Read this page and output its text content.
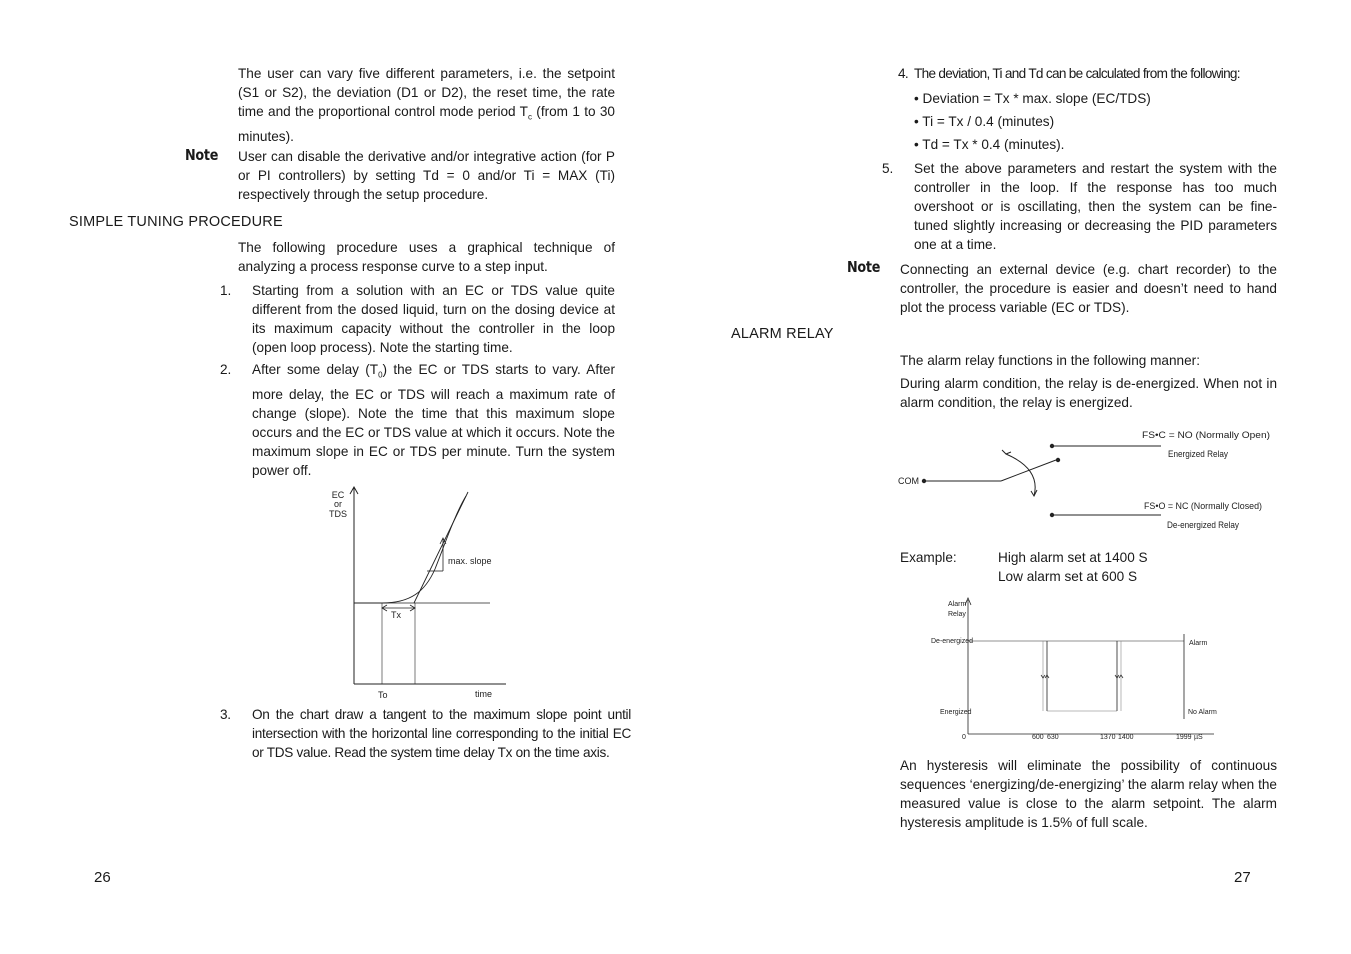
The user can vary five different parameters, i.e. the setpoint (S1 or S2), the deviation (D1 or D2), the reset time, the rate time and the proportional control mode period $T_c$ (from 1 to 30 minutes).
Note User can disable the derivative and/or integrative action (for P or PI controllers) by setting Td = 0 and/or Ti = MAX (Ti) respectively through the setup procedure.
SIMPLE TUNING PROCEDURE
The following procedure uses a graphical technique of analyzing a process response curve to a step input.
1. Starting from a solution with an EC or TDS value quite different from the dosed liquid, turn on the dosing device at its maximum capacity without the controller in the loop (open loop process). Note the starting time.
2. After some delay $(T_0)$ the EC or TDS starts to vary. After more delay, the EC or TDS will reach a maximum rate of change (slope). Note the time that this maximum slope occurs and the EC or TDS value at which it occurs. Note the maximum slope in EC or TDS per minute. Turn the system power off.
EC
or
TDS
max. slope
Tx
To	time
3. On the chart draw a tangent to the maximum slope point until intersection with the horizontal line corresponding to the initial EC or TDS value. Read the system time delay Tx on the time axis.
26
4. The deviation, Ti and Td can be calculated from the following:
• Deviation = Tx * max. slope (EC/TDS)
• Ti = Tx / 0.4 (minutes)
• Td = Tx * 0.4 (minutes).
5. Set the above parameters and restart the system with the controller in the loop. If the response has too much overshoot or is oscillating, then the system can be fine-tuned slightly increasing or decreasing the PID parameters one at a time.
Note Connecting an external device (e.g. chart recorder) to the controller, the procedure is easier and doesn’t need to hand plot the process variable (EC or TDS).
ALARM RELAY
The alarm relay functions in the following manner:
During alarm condition, the relay is de-energized. When not in alarm condition, the relay is energized.
COM
FS•C = NO (Normally Open)
Energized Relay
FS•O = NC (Normally Closed)
De-energized Relay
Example:	High alarm set at 1400 S
Low alarm set at 600 S
Alarm
Relay
De-energized
Energized
Alarm
No Alarm
0	600 630	1370 1400	1999 µS
An hysteresis will eliminate the possibility of continuous sequences ‘energizing/de-energizing’ the alarm relay when the measured value is close to the alarm setpoint. The alarm hysteresis amplitude is 1.5% of full scale.
27
